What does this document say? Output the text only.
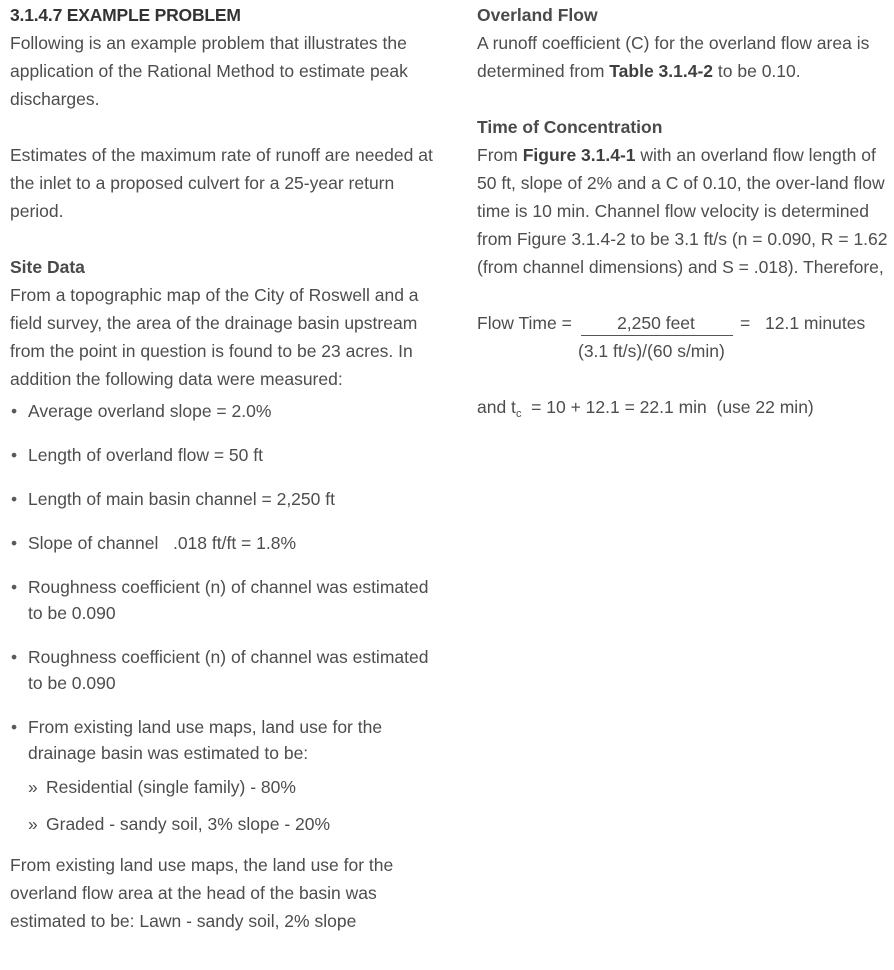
3.1.4.7 EXAMPLE PROBLEM

Following is an example problem that illustrates the application of the Rational Method to estimate peak discharges.

Estimates of the maximum rate of runoff are needed at the inlet to a proposed culvert for a 25-year return period.

Site Data

From a topographic map of the City of Roswell and a field survey, the area of the drainage basin upstream from the point in question is found to be 23 acres. In addition the following data were measured:

• Average overland slope = 2.0%
• Length of overland flow = 50 ft
• Length of main basin channel = 2,250 ft
• Slope of channel   .018 ft/ft = 1.8%
• Roughness coefficient (n) of channel was estimated to be 0.090
• Roughness coefficient (n) of channel was estimated to be 0.090
• From existing land use maps, land use for the drainage basin was estimated to be:
» Residential (single family) - 80%
» Graded - sandy soil, 3% slope - 20%

From existing land use maps, the land use for the overland flow area at the head of the basin was estimated to be: Lawn - sandy soil, 2% slope

Overland Flow

A runoff coefficient (C) for the overland flow area is determined from Table 3.1.4-2 to be 0.10.

Time of Concentration

From Figure 3.1.4-1 with an overland flow length of 50 ft, slope of 2% and a C of 0.10, the over-land flow time is 10 min. Channel flow velocity is determined from Figure 3.1.4-2 to be 3.1 ft/s (n = 0.090, R = 1.62 (from channel dimensions) and S = .018). Therefore,

Flow Time =	2,250 feet
(3.1 ft/s)/(60 s/min)
= 12.1 minutes

and $t_c = 10 + 12.1 = 22.1$ min  (use 22 min)
